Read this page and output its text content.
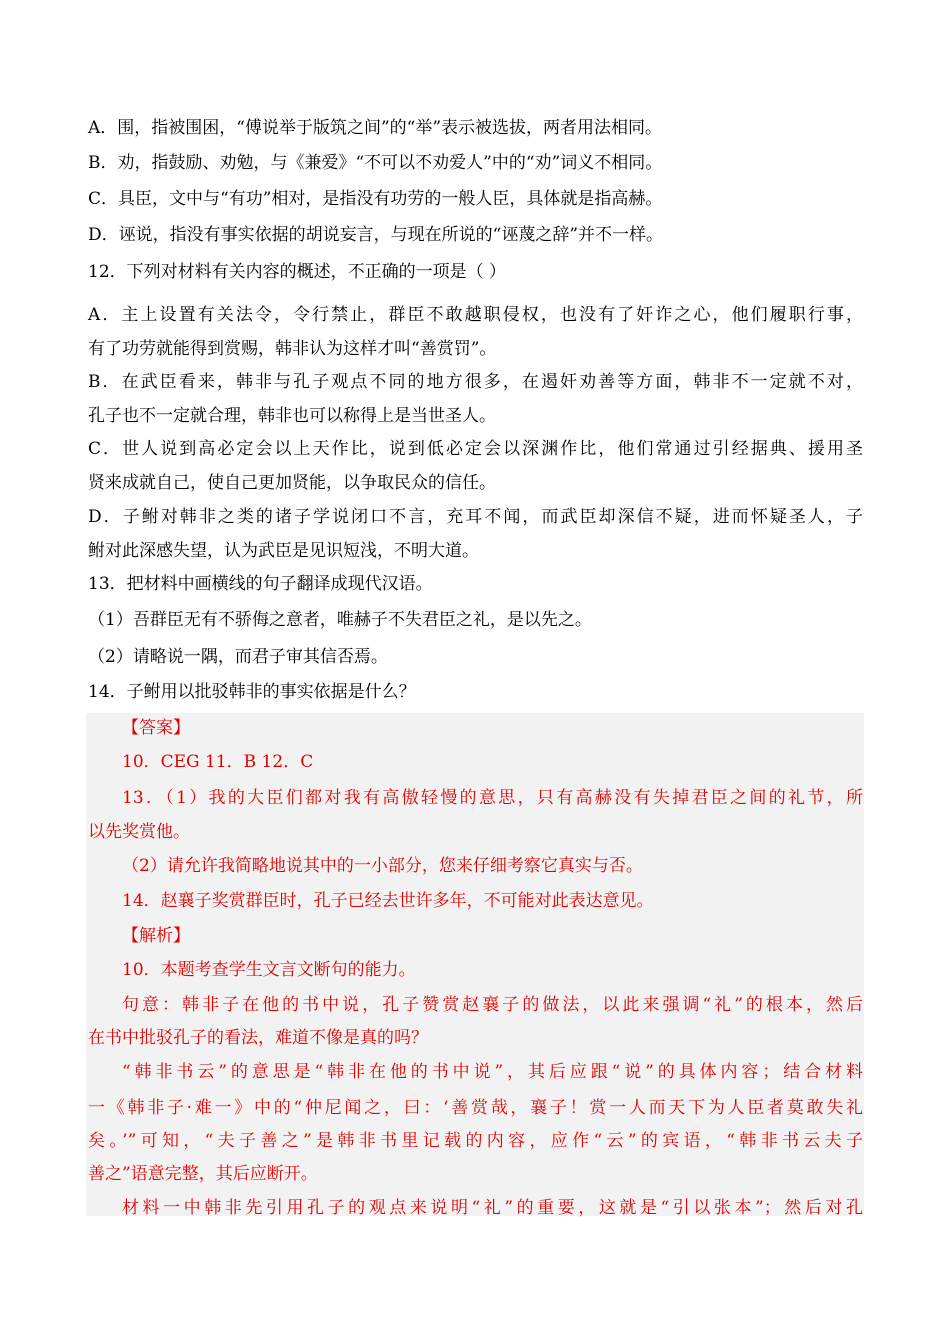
A．围，指被围困，“傅说举于版筑之间”的“举”表示被选拔，两者用法相同。
B．劝，指鼓励、劝勉，与《兼爱》“不可以不劝爱人”中的“劝”词义不相同。
C．具臣，文中与“有功”相对，是指没有功劳的一般人臣，具体就是指高赫。
D．诬说，指没有事实依据的胡说妄言，与现在所说的“诬蔑之辞”并不一样。
12．下列对材料有关内容的概述，不正确的一项是（ ）
A．主上设置有关法令，令行禁止，群臣不敢越职侵权，也没有了奸诈之心，他们履职行事，
有了功劳就能得到赏赐，韩非认为这样才叫“善赏罚”。
B．在武臣看来，韩非与孔子观点不同的地方很多，在遏奸劝善等方面，韩非不一定就不对，
孔子也不一定就合理，韩非也可以称得上是当世圣人。
C．世人说到高必定会以上天作比，说到低必定会以深渊作比，他们常通过引经据典、援用圣
贤来成就自己，使自己更加贤能，以争取民众的信任。
D．子鲋对韩非之类的诸子学说闭口不言，充耳不闻，而武臣却深信不疑，进而怀疑圣人，子
鲋对此深感失望，认为武臣是见识短浅，不明大道。
13．把材料中画横线的句子翻译成现代汉语。
（1）吾群臣无有不骄侮之意者，唯赫子不失君臣之礼，是以先之。
（2）请略说一隅，而君子审其信否焉。
14．子鲋用以批驳韩非的事实依据是什么？
【答案】
10．CEG 11．B 12．C
13．（1）我的大臣们都对我有高傲轻慢的意思，只有高赫没有失掉君臣之间的礼节，所
以先奖赏他。
（2）请允许我简略地说其中的一小部分，您来仔细考察它真实与否。
14．赵襄子奖赏群臣时，孔子已经去世许多年，不可能对此表达意见。
【解析】
10．本题考查学生文言文断句的能力。
句意：韩非子在他的书中说，孔子赞赏赵襄子的做法，以此来强调“礼”的根本，然后
在书中批驳孔子的看法，难道不像是真的吗？
“韩非书云”的意思是“韩非在他的书中说”，其后应跟“说”的具体内容；结合材料
一《韩非子·难一》中的“仲尼闻之，曰：‘善赏哉，襄子！赏一人而天下为人臣者莫敢失礼
矣。’”可知，“夫子善之”是韩非书里记载的内容，应作“云”的宾语，“韩非书云夫子
善之”语意完整，其后应断开。
材料一中韩非先引用孔子的观点来说明“礼”的重要，这就是“引以张本”；然后对孔
